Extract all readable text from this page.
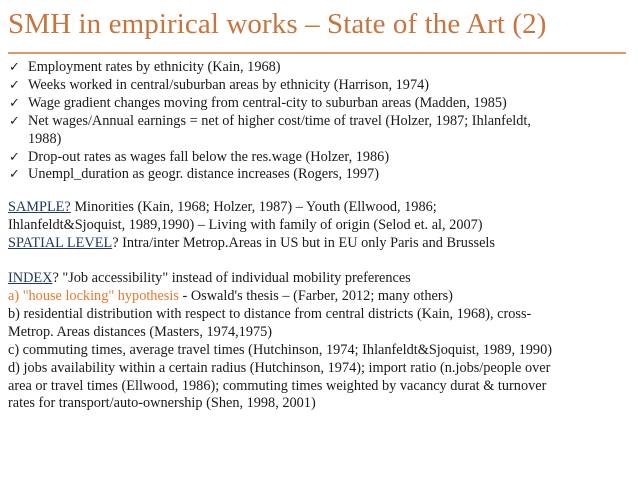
SMH in empirical works – State of the Art (2)
✓ Employment rates by ethnicity (Kain, 1968)
✓ Weeks worked in central/suburban areas by ethnicity (Harrison, 1974)
✓ Wage gradient changes moving from central-city to suburban areas (Madden, 1985)
✓ Net wages/Annual earnings = net of higher cost/time of travel (Holzer, 1987; Ihlanfeldt,
1988)
✓ Drop-out rates as wages fall below the res.wage (Holzer, 1986)
✓ Unempl_duration as geogr. distance increases (Rogers, 1997)
SAMPLE? Minorities (Kain, 1968; Holzer, 1987) – Youth (Ellwood, 1986;
Ihlanfeldt&Sjoquist, 1989,1990) – Living with family of origin (Selod et. al, 2007)
SPATIAL LEVEL? Intra/inter Metrop.Areas in US but in EU only Paris and Brussels
INDEX? "Job accessibility" instead of individual mobility preferences
a) "house locking" hypothesis - Oswald's thesis – (Farber, 2012; many others)
b) residential distribution with respect to distance from central districts (Kain, 1968), cross-
Metrop. Areas distances (Masters, 1974,1975)
c) commuting times, average travel times (Hutchinson, 1974; Ihlanfeldt&Sjoquist, 1989, 1990)
d) jobs availability within a certain radius (Hutchinson, 1974); import ratio (n.jobs/people over
area or travel times (Ellwood, 1986); commuting times weighted by vacancy durat & turnover
rates for transport/auto-ownership (Shen, 1998, 2001)
